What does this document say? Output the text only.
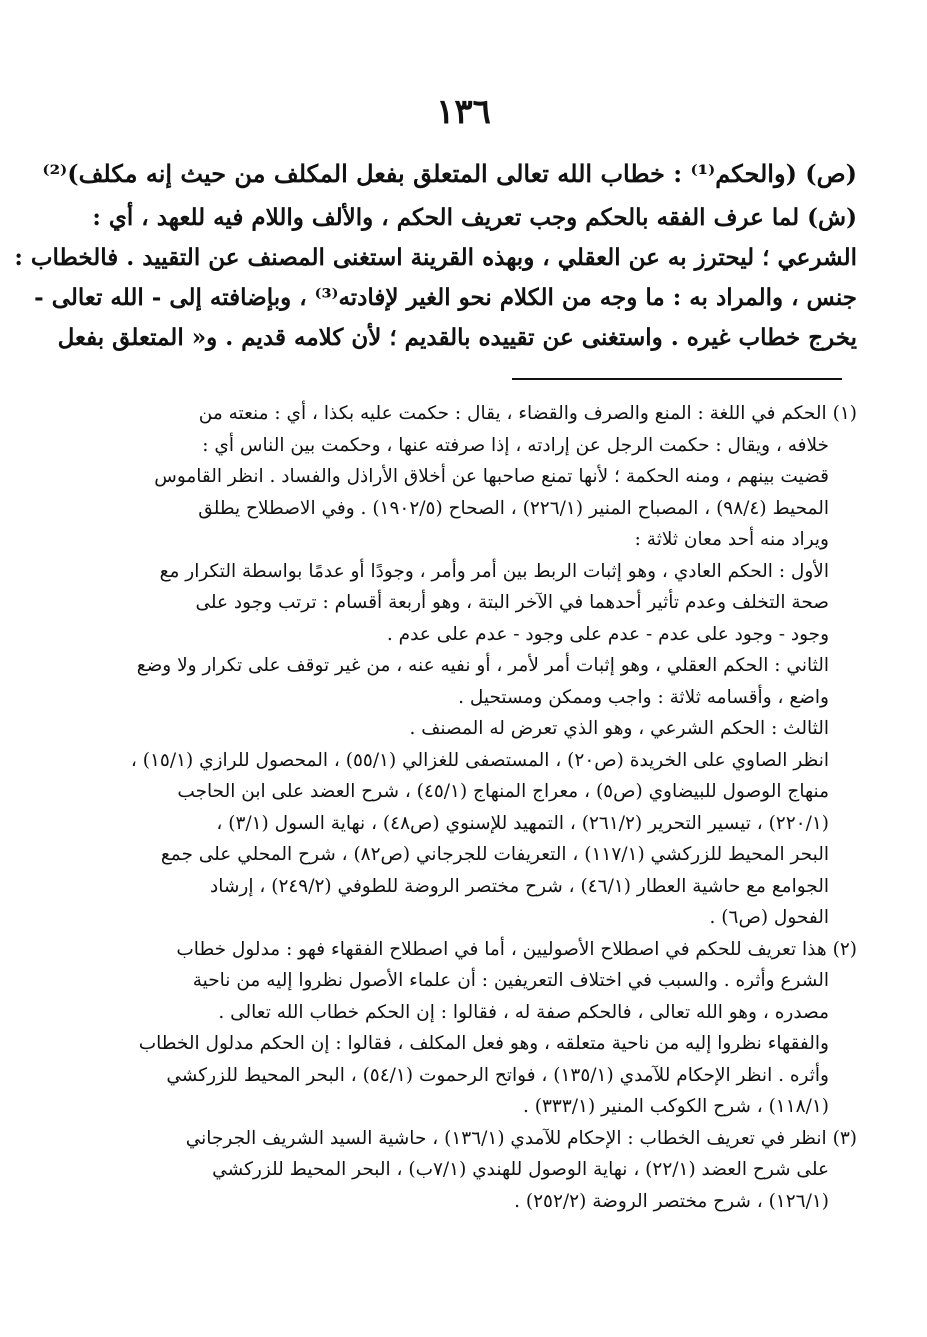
١٣٦
(ص) (والحكم⁽¹⁾ : خطاب الله تعالى المتعلق بفعل المكلف من حيث إنه مكلف)⁽²⁾
(ش) لما عرف الفقه بالحكم وجب تعريف الحكم ، والألف واللام فيه للعهد ، أي :
الشرعي ؛ ليحترز به عن العقلي ، وبهذه القرينة استغنى المصنف عن التقييد . فالخطاب :
جنس ، والمراد به : ما وجه من الكلام نحو الغير لإفادته⁽³⁾ ، وبإضافته إلى - الله تعالى -
يخرج خطاب غيره . واستغنى عن تقييده بالقديم ؛ لأن كلامه قديم . و« المتعلق بفعل
(١)الحكم في اللغة : المنع والصرف والقضاء ، يقال : حكمت عليه بكذا ، أي : منعته من
خلافه ، ويقال : حكمت الرجل عن إرادته ، إذا صرفته عنها ، وحكمت بين الناس أي :
قضيت بينهم ، ومنه الحكمة ؛ لأنها تمنع صاحبها عن أخلاق الأراذل والفساد . انظر القاموس
المحيط (٩٨/٤) ، المصباح المنير (٢٢٦/١) ، الصحاح (١٩٠٢/٥) . وفي الاصطلاح يطلق
ويراد منه أحد معان ثلاثة :
الأول : الحكم العادي ، وهو إثبات الربط بين أمر وأمر ، وجودًا أو عدمًا بواسطة التكرار مع
صحة التخلف وعدم تأثير أحدهما في الآخر البتة ، وهو أربعة أقسام : ترتب وجود على
وجود - وجود على عدم - عدم على وجود - عدم على عدم .
الثاني : الحكم العقلي ، وهو إثبات أمر لأمر ، أو نفيه عنه ، من غير توقف على تكرار ولا وضع
واضع ، وأقسامه ثلاثة : واجب وممكن ومستحيل .
الثالث : الحكم الشرعي ، وهو الذي تعرض له المصنف .
انظر الصاوي على الخريدة (ص٢٠) ، المستصفى للغزالي (٥٥/١) ، المحصول للرازي (١٥/١) ،
منهاج الوصول للبيضاوي (ص٥) ، معراج المنهاج (٤٥/١) ، شرح العضد على ابن الحاجب
(٢٢٠/١) ، تيسير التحرير (٢٦١/٢) ، التمهيد للإسنوي (ص٤٨) ، نهاية السول (٣/١) ،
البحر المحيط للزركشي (١١٧/١) ، التعريفات للجرجاني (ص٨٢) ، شرح المحلي على جمع
الجوامع مع حاشية العطار (٤٦/١) ، شرح مختصر الروضة للطوفي (٢٤٩/٢) ، إرشاد
الفحول (ص٦) .
(٢)هذا تعريف للحكم في اصطلاح الأصوليين ، أما في اصطلاح الفقهاء فهو : مدلول خطاب
الشرع وأثره . والسبب في اختلاف التعريفين : أن علماء الأصول نظروا إليه من ناحية
مصدره ، وهو الله تعالى ، فالحكم صفة له ، فقالوا : إن الحكم خطاب الله تعالى .
والفقهاء نظروا إليه من ناحية متعلقه ، وهو فعل المكلف ، فقالوا : إن الحكم مدلول الخطاب
وأثره . انظر الإحكام للآمدي (١٣٥/١) ، فواتح الرحموت (٥٤/١) ، البحر المحيط للزركشي
(١١٨/١) ، شرح الكوكب المنير (٣٣٣/١) .
(٣)انظر في تعريف الخطاب : الإحكام للآمدي (١٣٦/١) ، حاشية السيد الشريف الجرجاني
على شرح العضد (٢٢/١) ، نهاية الوصول للهندي (٧/١ب) ، البحر المحيط للزركشي
(١٢٦/١) ، شرح مختصر الروضة (٢٥٢/٢) .
